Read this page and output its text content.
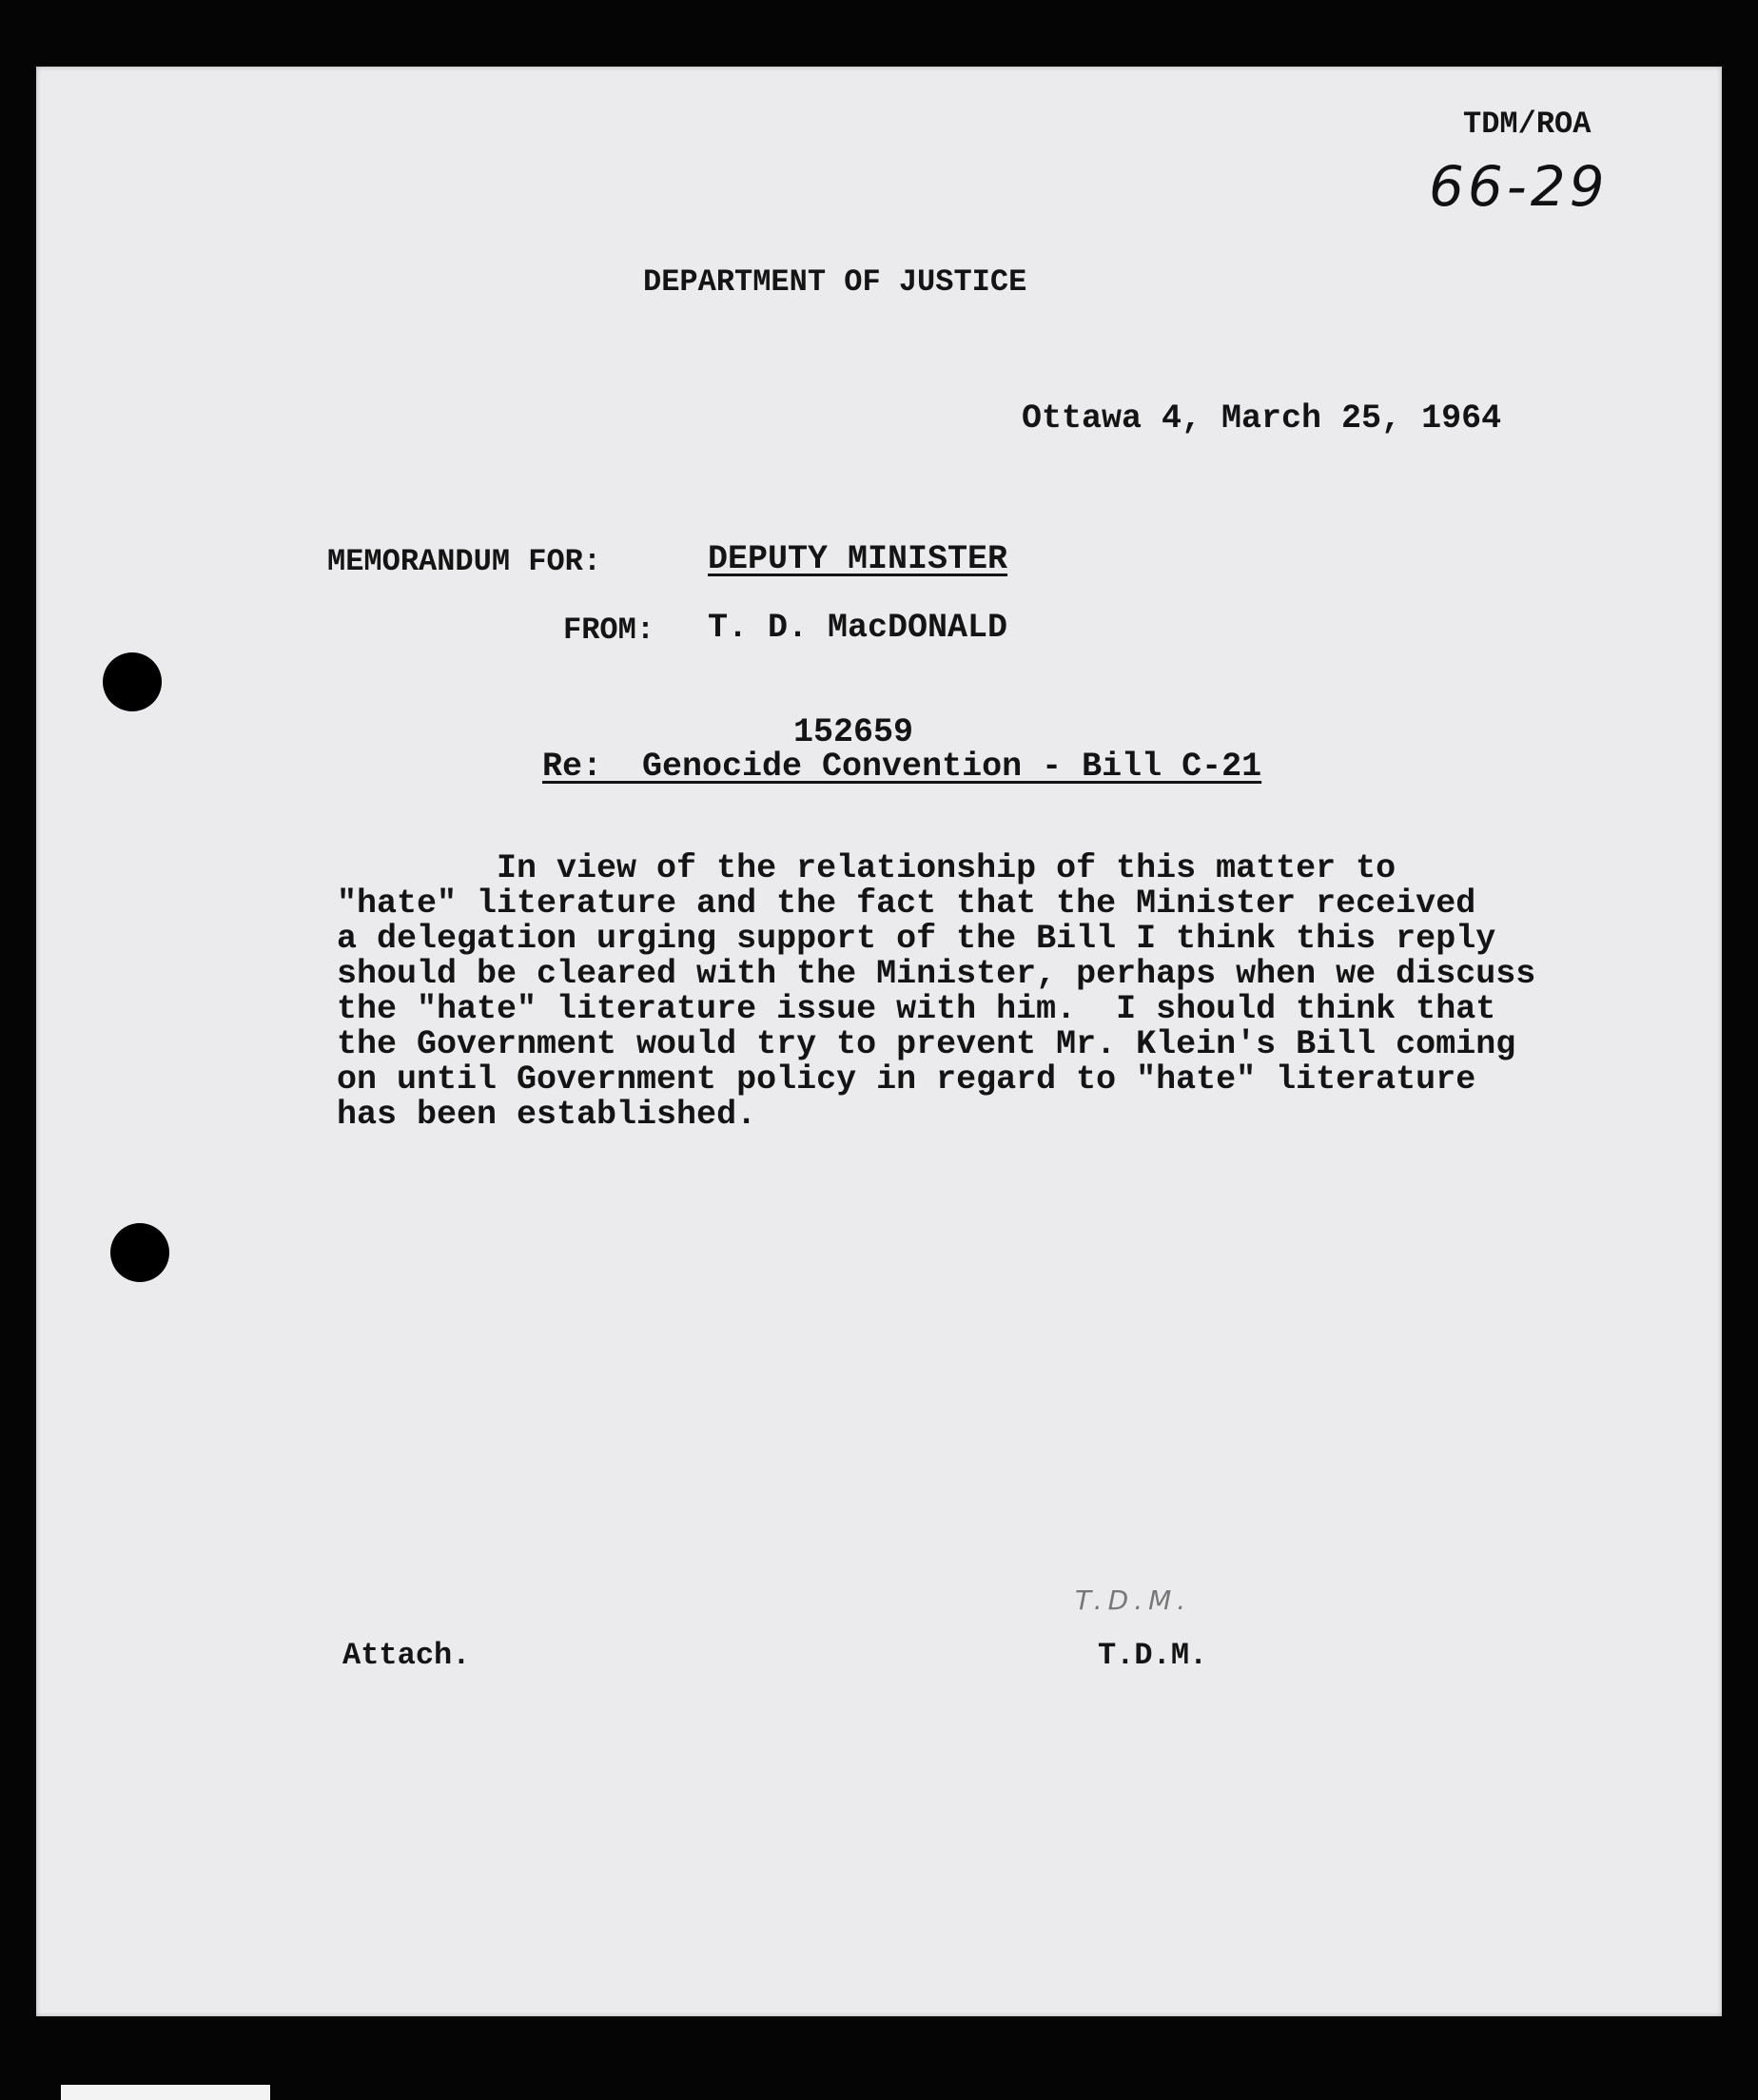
TDM/ROA
66-29
DEPARTMENT OF JUSTICE
Ottawa 4, March 25, 1964
MEMORANDUM FOR:	DEPUTY MINISTER
FROM: T. D. MacDONALD
152659
Re:  Genocide Convention - Bill C-21
In view of the relationship of this matter to
"hate" literature and the fact that the Minister received
a delegation urging support of the Bill I think this reply
should be cleared with the Minister, perhaps when we discuss
the "hate" literature issue with him.  I should think that
the Government would try to prevent Mr. Klein's Bill coming
on until Government policy in regard to "hate" literature
has been established.
Attach.
T.D.M.
T.D.M.
